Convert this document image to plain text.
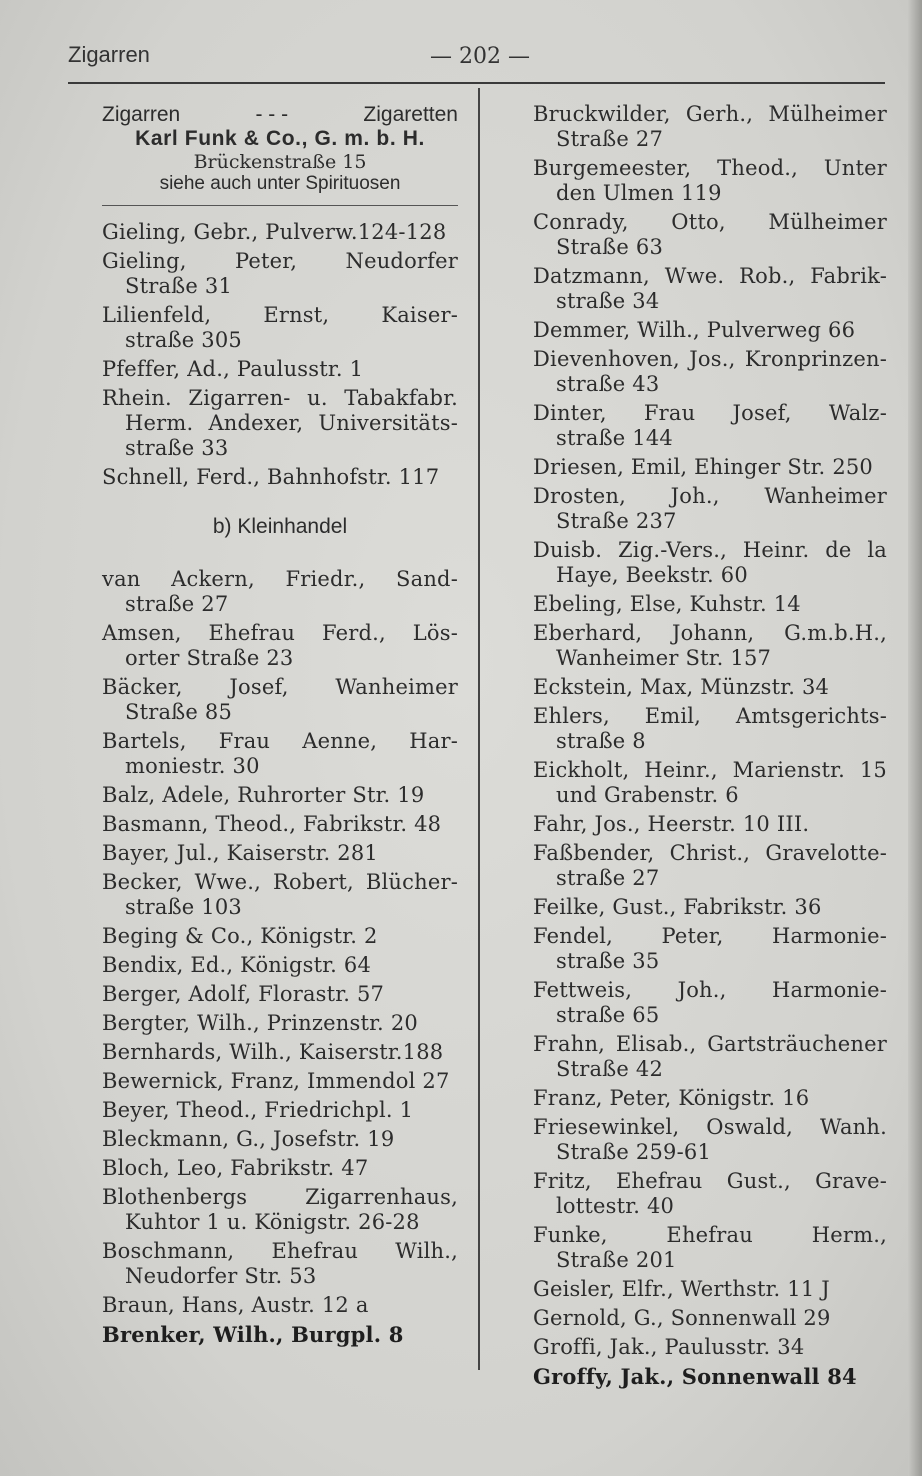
Zigarren	— 202 —
Zigarren	- - -	Zigaretten
Karl Funk & Co., G. m. b. H.
Brückenstraße 15
siehe auch unter Spirituosen
Gieling, Gebr., Pulverw.124-128
Gieling, Peter, Neudorfer
Straße 31
Lilienfeld, Ernst, Kaiser-
straße 305
Pfeffer, Ad., Paulusstr. 1
Rhein. Zigarren- u. Tabakfabr.
Herm. Andexer, Universitäts-
straße 33
Schnell, Ferd., Bahnhofstr. 117
b) Kleinhandel
van Ackern, Friedr., Sand-
straße 27
Amsen, Ehefrau Ferd., Lös-
orter Straße 23
Bäcker, Josef, Wanheimer
Straße 85
Bartels, Frau Aenne, Har-
moniestr. 30
Balz, Adele, Ruhrorter Str. 19
Basmann, Theod., Fabrikstr. 48
Bayer, Jul., Kaiserstr. 281
Becker, Wwe., Robert, Blücher-
straße 103
Beging & Co., Königstr. 2
Bendix, Ed., Königstr. 64
Berger, Adolf, Florastr. 57
Bergter, Wilh., Prinzenstr. 20
Bernhards, Wilh., Kaiserstr.188
Bewernick, Franz, Immendol 27
Beyer, Theod., Friedrichpl. 1
Bleckmann, G., Josefstr. 19
Bloch, Leo, Fabrikstr. 47
Blothenbergs Zigarrenhaus,
Kuhtor 1 u. Königstr. 26-28
Boschmann, Ehefrau Wilh.,
Neudorfer Str. 53
Braun, Hans, Austr. 12 a
Brenker, Wilh., Burgpl. 8
Bruckwilder, Gerh., Mülheimer
Straße 27
Burgemeester, Theod., Unter
den Ulmen 119
Conrady, Otto, Mülheimer
Straße 63
Datzmann, Wwe. Rob., Fabrik-
straße 34
Demmer, Wilh., Pulverweg 66
Dievenhoven, Jos., Kronprinzen-
straße 43
Dinter, Frau Josef, Walz-
straße 144
Driesen, Emil, Ehinger Str. 250
Drosten, Joh., Wanheimer
Straße 237
Duisb. Zig.-Vers., Heinr. de la
Haye, Beekstr. 60
Ebeling, Else, Kuhstr. 14
Eberhard, Johann, G.m.b.H.,
Wanheimer Str. 157
Eckstein, Max, Münzstr. 34
Ehlers, Emil, Amtsgerichts-
straße 8
Eickholt, Heinr., Marienstr. 15
und Grabenstr. 6
Fahr, Jos., Heerstr. 10 III.
Faßbender, Christ., Gravelotte-
straße 27
Feilke, Gust., Fabrikstr. 36
Fendel, Peter, Harmonie-
straße 35
Fettweis, Joh., Harmonie-
straße 65
Frahn, Elisab., Gartsträuchener
Straße 42
Franz, Peter, Königstr. 16
Friesewinkel, Oswald, Wanh.
Straße 259-61
Fritz, Ehefrau Gust., Grave-
lottestr. 40
Funke, Ehefrau Herm.,
Straße 201
Geisler, Elfr., Werthstr. 11 J
Gernold, G., Sonnenwall 29
Groffi, Jak., Paulusstr. 34
Groffy, Jak., Sonnenwall 84
